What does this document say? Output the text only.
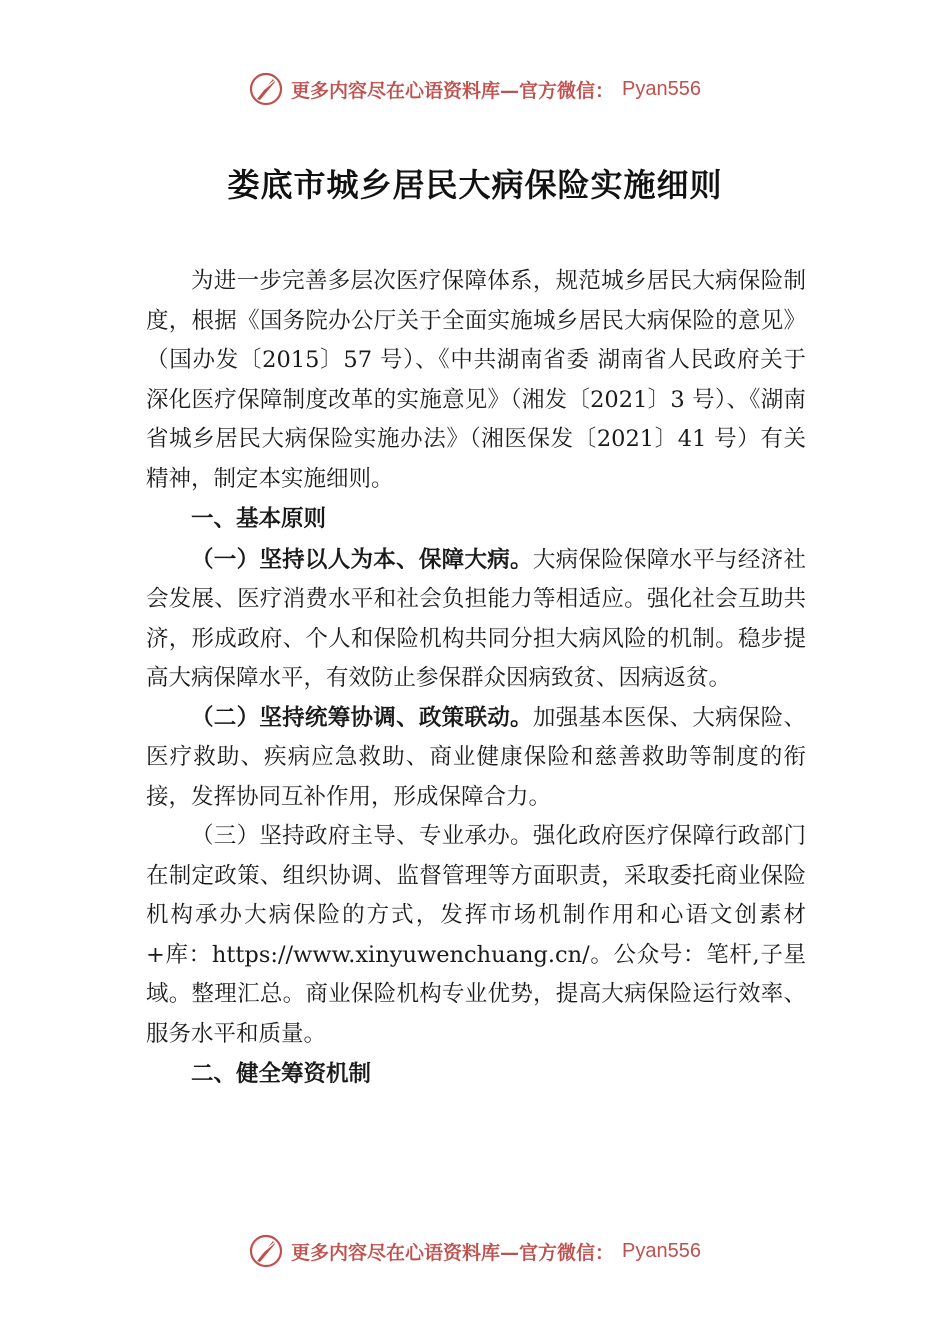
更多内容尽在心语资料库—官方微信： Pyan556
娄底市城乡居民大病保险实施细则

为进一步完善多层次医疗保障体系，规范城乡居民大病保险制度，根据《国务院办公厅关于全面实施城乡居民大病保险的意见》（国办发〔2015〕57 号）、《中共湖南省委 湖南省人民政府关于深化医疗保障制度改革的实施意见》（湘发〔2021〕3 号）、《湖南省城乡居民大病保险实施办法》（湘医保发〔2021〕41 号）有关精神，制定本实施细则。

一、基本原则

（一）坚持以人为本、保障大病。大病保险保障水平与经济社会发展、医疗消费水平和社会负担能力等相适应。强化社会互助共济，形成政府、个人和保险机构共同分担大病风险的机制。稳步提高大病保障水平，有效防止参保群众因病致贫、因病返贫。

（二）坚持统筹协调、政策联动。加强基本医保、大病保险、医疗救助、疾病应急救助、商业健康保险和慈善救助等制度的衔接，发挥协同互补作用，形成保障合力。

（三）坚持政府主导、专业承办。强化政府医疗保障行政部门在制定政策、组织协调、监督管理等方面职责，采取委托商业保险机构承办大病保险的方式，发挥市场机制作用和心语文创素材+库：https://www.xinyuwenchuang.cn/。公众号：笔杆,子星域。整理汇总。商业保险机构专业优势，提高大病保险运行效率、服务水平和质量。

二、健全筹资机制

更多内容尽在心语资料库—官方微信： Pyan556
